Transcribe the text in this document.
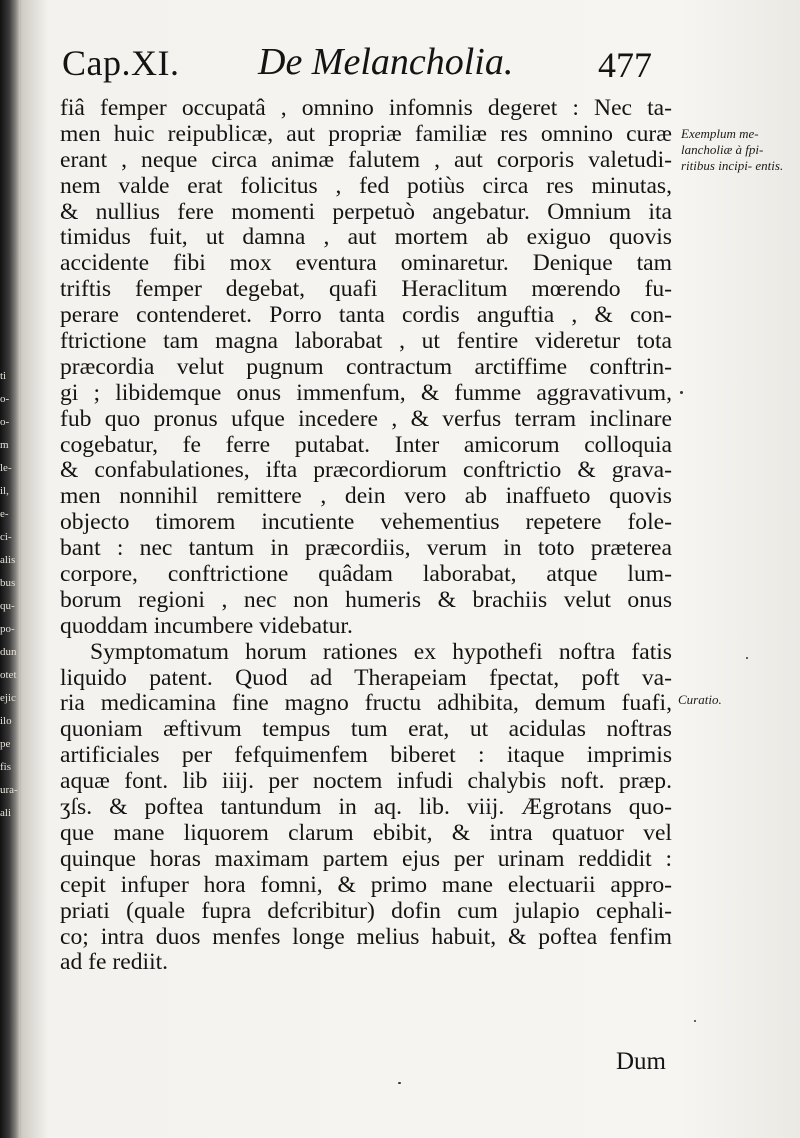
ti
o-
o-
m
le-
il,
e-
ci-
alis
bus
qu-
po-
dun
otet
ejic
ilo
pe
fis
ura-
ali
Cap.XI. De Melancholia. 477
fiâ femper occupatâ , omnino infomnis degeret : Nec ta-
men huic reipublicæ, aut propriæ familiæ res omnino curæ
erant , neque circa animæ falutem , aut corporis valetudi-
nem valde erat folicitus , fed potiùs circa res minutas,
& nullius fere momenti perpetuò angebatur. Omnium ita
timidus fuit, ut damna , aut mortem ab exiguo quovis
accidente fibi mox eventura ominaretur. Denique tam
triftis femper degebat, quafi Heraclitum mœrendo fu-
perare contenderet. Porro tanta cordis anguftia , & con-
ftrictione tam magna laborabat , ut fentire videretur tota
præcordia velut pugnum contractum arctiffime conftrin-
gi ; libidemque onus immenfum, & fumme aggravativum,
fub quo pronus ufque incedere , & verfus terram inclinare
cogebatur, fe ferre putabat. Inter amicorum colloquia
& confabulationes, ifta præcordiorum conftrictio & grava-
men nonnihil remittere , dein vero ab inaffueto quovis
objecto timorem incutiente vehementius repetere fole-
bant : nec tantum in præcordiis, verum in toto præterea
corpore, conftrictione quâdam laborabat, atque lum-
borum regioni , nec non humeris & brachiis velut onus
quoddam incumbere videbatur.
Symptomatum horum rationes ex hypothefi noftra fatis
liquido patent. Quod ad Therapeiam fpectat, poft va-
ria medicamina fine magno fructu adhibita, demum fuafi,
quoniam æftivum tempus tum erat, ut acidulas noftras
artificiales per fefquimenfem biberet : itaque imprimis
aquæ font. lib iiij. per noctem infudi chalybis noft. præp.
ʒſs. & poftea tantundum in aq. lib. viij. Ægrotans quo-
que mane liquorem clarum ebibit, & intra quatuor vel
quinque horas maximam partem ejus per urinam reddidit :
cepit infuper hora fomni, & primo mane electuarii appro-
priati (quale fupra defcribitur) dofin cum julapio cephali-
co; intra duos menfes longe melius habuit, & poftea fenfim
ad fe rediit.
Dum
Exemplum me- lancholiæ à fpi- ritibus incipi- entis.
Curatio.
